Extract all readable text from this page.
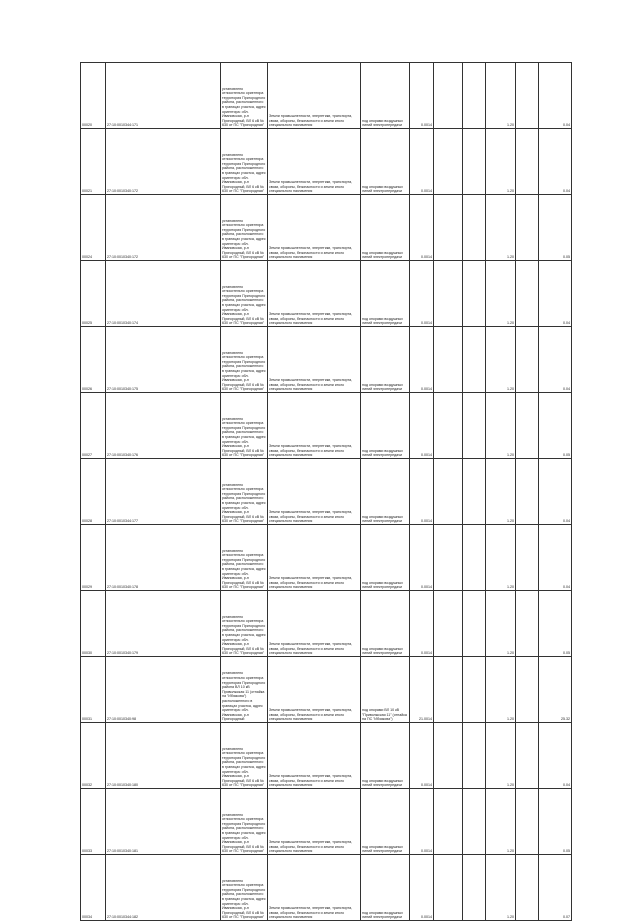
00020	27:10:0010344:171	установлено относительно ориентира территория Пригородного района, расположенного в границах участка, адрес ориентира: обл. Ивановская, р-н Пригородный, ВЛ 6 кВ № 630 от ПС "Пригородная"	Земли промышленности, энергетики, транспорта, связи, обороны, безопасности и земли иного специального назначения	под опорами воздушных линий электропередачи	0.0014			1.20		0.04
00021	27:10:0010340:172	установлено относительно ориентира территория Пригородного района, расположенного в границах участка, адрес ориентира: обл. Ивановская, р-н Пригородный, ВЛ 6 кВ № 630 от ПС "Пригородная"	Земли промышленности, энергетики, транспорта, связи, обороны, безопасности и земли иного специального назначения	под опорами воздушных линий электропередачи	0.0014			1.20		0.04
00024	27:10:0010340:172	установлено относительно ориентира территория Пригородного района, расположенного в границах участка, адрес ориентира: обл. Ивановская, р-н Пригородный, ВЛ 6 кВ № 630 от ПС "Пригородная"	Земли промышленности, энергетики, транспорта, связи, обороны, безопасности и земли иного специального назначения	под опорами воздушных линий электропередачи	0.0014			1.20		0.05
00025	27:10:0010340:174	установлено относительно ориентира территория Пригородного района, расположенного в границах участка, адрес ориентира: обл. Ивановская, р-н Пригородный, ВЛ 6 кВ № 630 от ПС "Пригородная"	Земли промышленности, энергетики, транспорта, связи, обороны, безопасности и земли иного специального назначения	под опорами воздушных линий электропередачи	0.0014			1.20		0.04
00026	27:10:0010340:175	установлено относительно ориентира территория Пригородного района, расположенного в границах участка, адрес ориентира: обл. Ивановская, р-н Пригородный, ВЛ 6 кВ № 630 от ПС "Пригородная"	Земли промышленности, энергетики, транспорта, связи, обороны, безопасности и земли иного специального назначения	под опорами воздушных линий электропередачи	0.0014			1.20		0.04
00027	27:10:0010340:176	установлено относительно ориентира территория Пригородного района, расположенного в границах участка, адрес ориентира: обл. Ивановская, р-н Пригородный, ВЛ 6 кВ № 630 от ПС "Пригородная"	Земли промышленности, энергетики, транспорта, связи, обороны, безопасности и земли иного специального назначения	под опорами воздушных линий электропередачи	0.0014			1.20		0.05
00028	27:10:0010344:177	установлено относительно ориентира территория Пригородного района, расположенного в границах участка, адрес ориентира: обл. Ивановская, р-н Пригородный, ВЛ 6 кВ № 630 от ПС "Пригородная"	Земли промышленности, энергетики, транспорта, связи, обороны, безопасности и земли иного специального назначения	под опорами воздушных линий электропередачи	0.0014			1.20		0.04
00029	27:10:0010340:178	установлено относительно ориентира территория Пригородного района, расположенного в границах участка, адрес ориентира: обл. Ивановская, р-н Пригородный, ВЛ 6 кВ № 630 от ПС "Пригородная"	Земли промышленности, энергетики, транспорта, связи, обороны, безопасности и земли иного специального назначения	под опорами воздушных линий электропередачи	0.0014			1.20		0.04
00030	27:10:0010340:179	установлено относительно ориентира территория Пригородного района, расположенного в границах участка, адрес ориентира: обл. Ивановская, р-н Пригородный, ВЛ 6 кВ № 630 от ПС "Пригородная"	Земли промышленности, энергетики, транспорта, связи, обороны, безопасности и земли иного специального назначения	под опорами воздушных линий электропередачи	0.0014			1.20		0.05
00031	27:10:0010340:98	установлено относительно ориентира территория Пригородного района ВЛ 10 кВ Приволжская 11 (отпайка на "Ибзякова") расположенного в границах участка, адрес ориентира: обл. Ивановская, р-н Пригородный	Земли промышленности, энергетики, транспорта, связи, обороны, безопасности и земли иного специального назначения	под опорами ВЛ 10 кВ "Приволжская 11" (отпайка на ПС "Ибзякова")	21.0014			1.20		25.32
00032	27:10:0010340:180	установлено относительно ориентира территория Пригородного района, расположенного в границах участка, адрес ориентира: обл. Ивановская, р-н Пригородный, ВЛ 6 кВ № 630 от ПС "Пригородная"	Земли промышленности, энергетики, транспорта, связи, обороны, безопасности и земли иного специального назначения	под опорами воздушных линий электропередачи	0.0014			1.20		0.04
00033	27:10:0010340:181	установлено относительно ориентира территория Пригородного района, расположенного в границах участка, адрес ориентира: обл. Ивановская, р-н Пригородный, ВЛ 6 кВ № 630 от ПС "Пригородная"	Земли промышленности, энергетики, транспорта, связи, обороны, безопасности и земли иного специального назначения	под опорами воздушных линий электропередачи	0.0014			1.20		0.05
00034	27:10:0010344:182	установлено относительно ориентира территория Пригородного района, расположенного в границах участка, адрес ориентира: обл. Ивановская, р-н Пригородный, ВЛ 6 кВ № 630 от ПС "Пригородная"	Земли промышленности, энергетики, транспорта, связи, обороны, безопасности и земли иного специального назначения	под опорами воздушных линий электропередачи	0.0014			1.20		0.07
